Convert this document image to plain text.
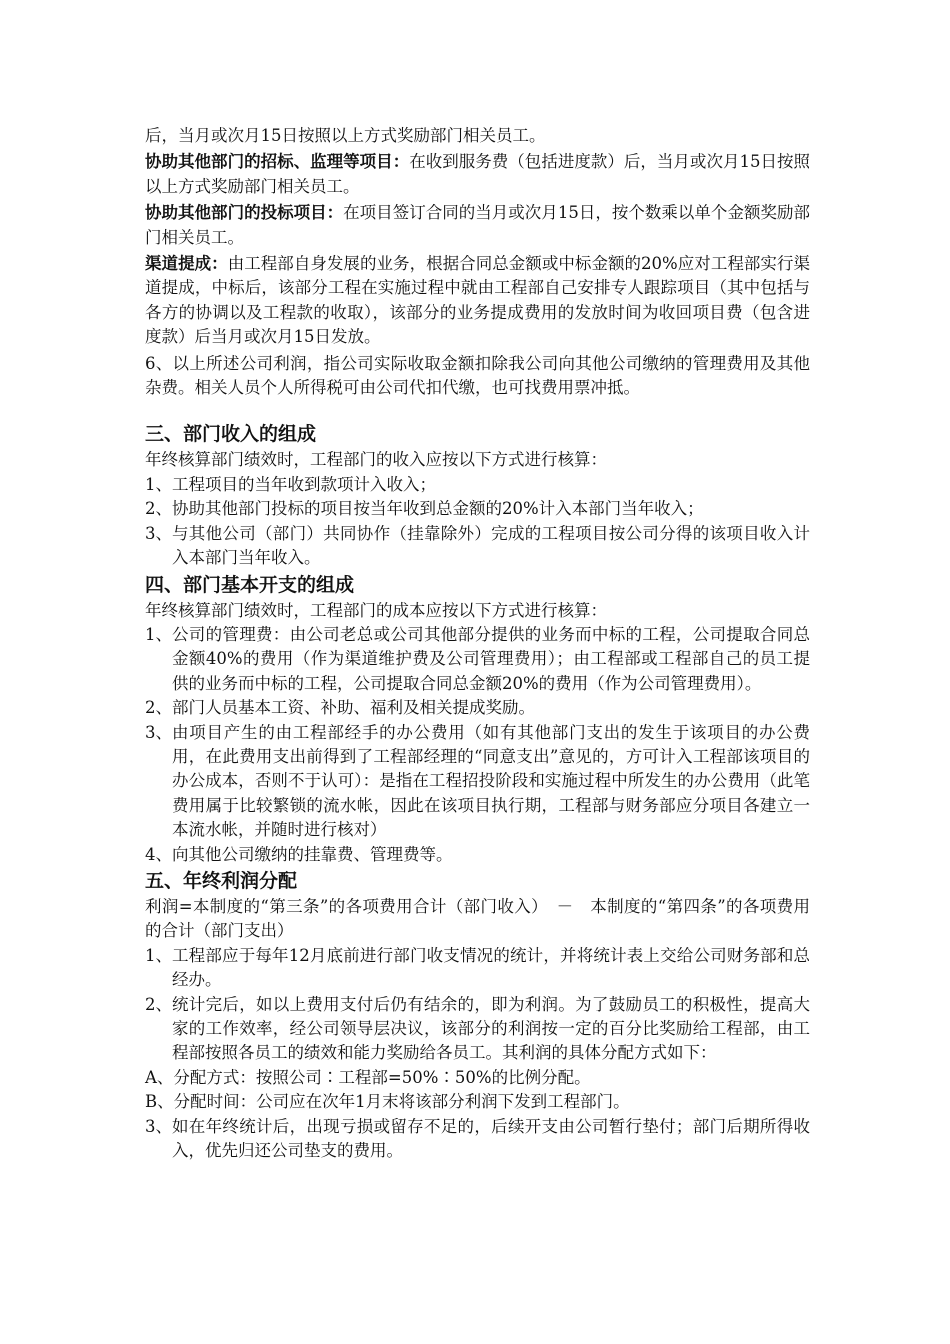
后，当月或次月15日按照以上方式奖励部门相关员工。

协助其他部门的招标、监理等项目：在收到服务费（包括进度款）后，当月或次月15日按照以上方式奖励部门相关员工。

协助其他部门的投标项目：在项目签订合同的当月或次月15日，按个数乘以单个金额奖励部门相关员工。

渠道提成：由工程部自身发展的业务，根据合同总金额或中标金额的20%应对工程部实行渠道提成，中标后，该部分工程在实施过程中就由工程部自己安排专人跟踪项目（其中包括与各方的协调以及工程款的收取），该部分的业务提成费用的发放时间为收回项目费（包含进度款）后当月或次月15日发放。

6、以上所述公司利润，指公司实际收取金额扣除我公司向其他公司缴纳的管理费用及其他杂费。相关人员个人所得税可由公司代扣代缴，也可找费用票冲抵。

三、部门收入的组成

年终核算部门绩效时，工程部门的收入应按以下方式进行核算：

1、 工程项目的当年收到款项计入收入；
2、 协助其他部门投标的项目按当年收到总金额的20%计入本部门当年收入；
3、 与其他公司（部门）共同协作（挂靠除外）完成的工程项目按公司分得的该项目收入计入本部门当年收入。

四、部门基本开支的组成

年终核算部门绩效时，工程部门的成本应按以下方式进行核算：

1、 公司的管理费：由公司老总或公司其他部分提供的业务而中标的工程，公司提取合同总金额40%的费用（作为渠道维护费及公司管理费用）；由工程部或工程部自己的员工提供的业务而中标的工程，公司提取合同总金额20%的费用（作为公司管理费用）。
2、 部门人员基本工资、补助、福利及相关提成奖励。
3、 由项目产生的由工程部经手的办公费用（如有其他部门支出的发生于该项目的办公费用，在此费用支出前得到了工程部经理的“同意支出”意见的，方可计入工程部该项目的办公成本，否则不于认可）：是指在工程招投阶段和实施过程中所发生的办公费用（此笔费用属于比较繁锁的流水帐，因此在该项目执行期，工程部与财务部应分项目各建立一本流水帐，并随时进行核对）
4、 向其他公司缴纳的挂靠费、管理费等。

五、年终利润分配

利润=本制度的“第三条”的各项费用合计（部门收入）　－　本制度的“第四条”的各项费用的合计（部门支出）

1、 工程部应于每年12月底前进行部门收支情况的统计，并将统计表上交给公司财务部和总经办。
2、 统计完后，如以上费用支付后仍有结余的，即为利润。为了鼓励员工的积极性，提高大家的工作效率，经公司领导层决议，该部分的利润按一定的百分比奖励给工程部，由工程部按照各员工的绩效和能力奖励给各员工。其利润的具体分配方式如下：
A、 分配方式：按照公司∶工程部=50%∶50%的比例分配。
B、 分配时间：公司应在次年1月末将该部分利润下发到工程部门。
3、 如在年终统计后，出现亏损或留存不足的，后续开支由公司暂行垫付；部门后期所得收入，优先归还公司垫支的费用。
